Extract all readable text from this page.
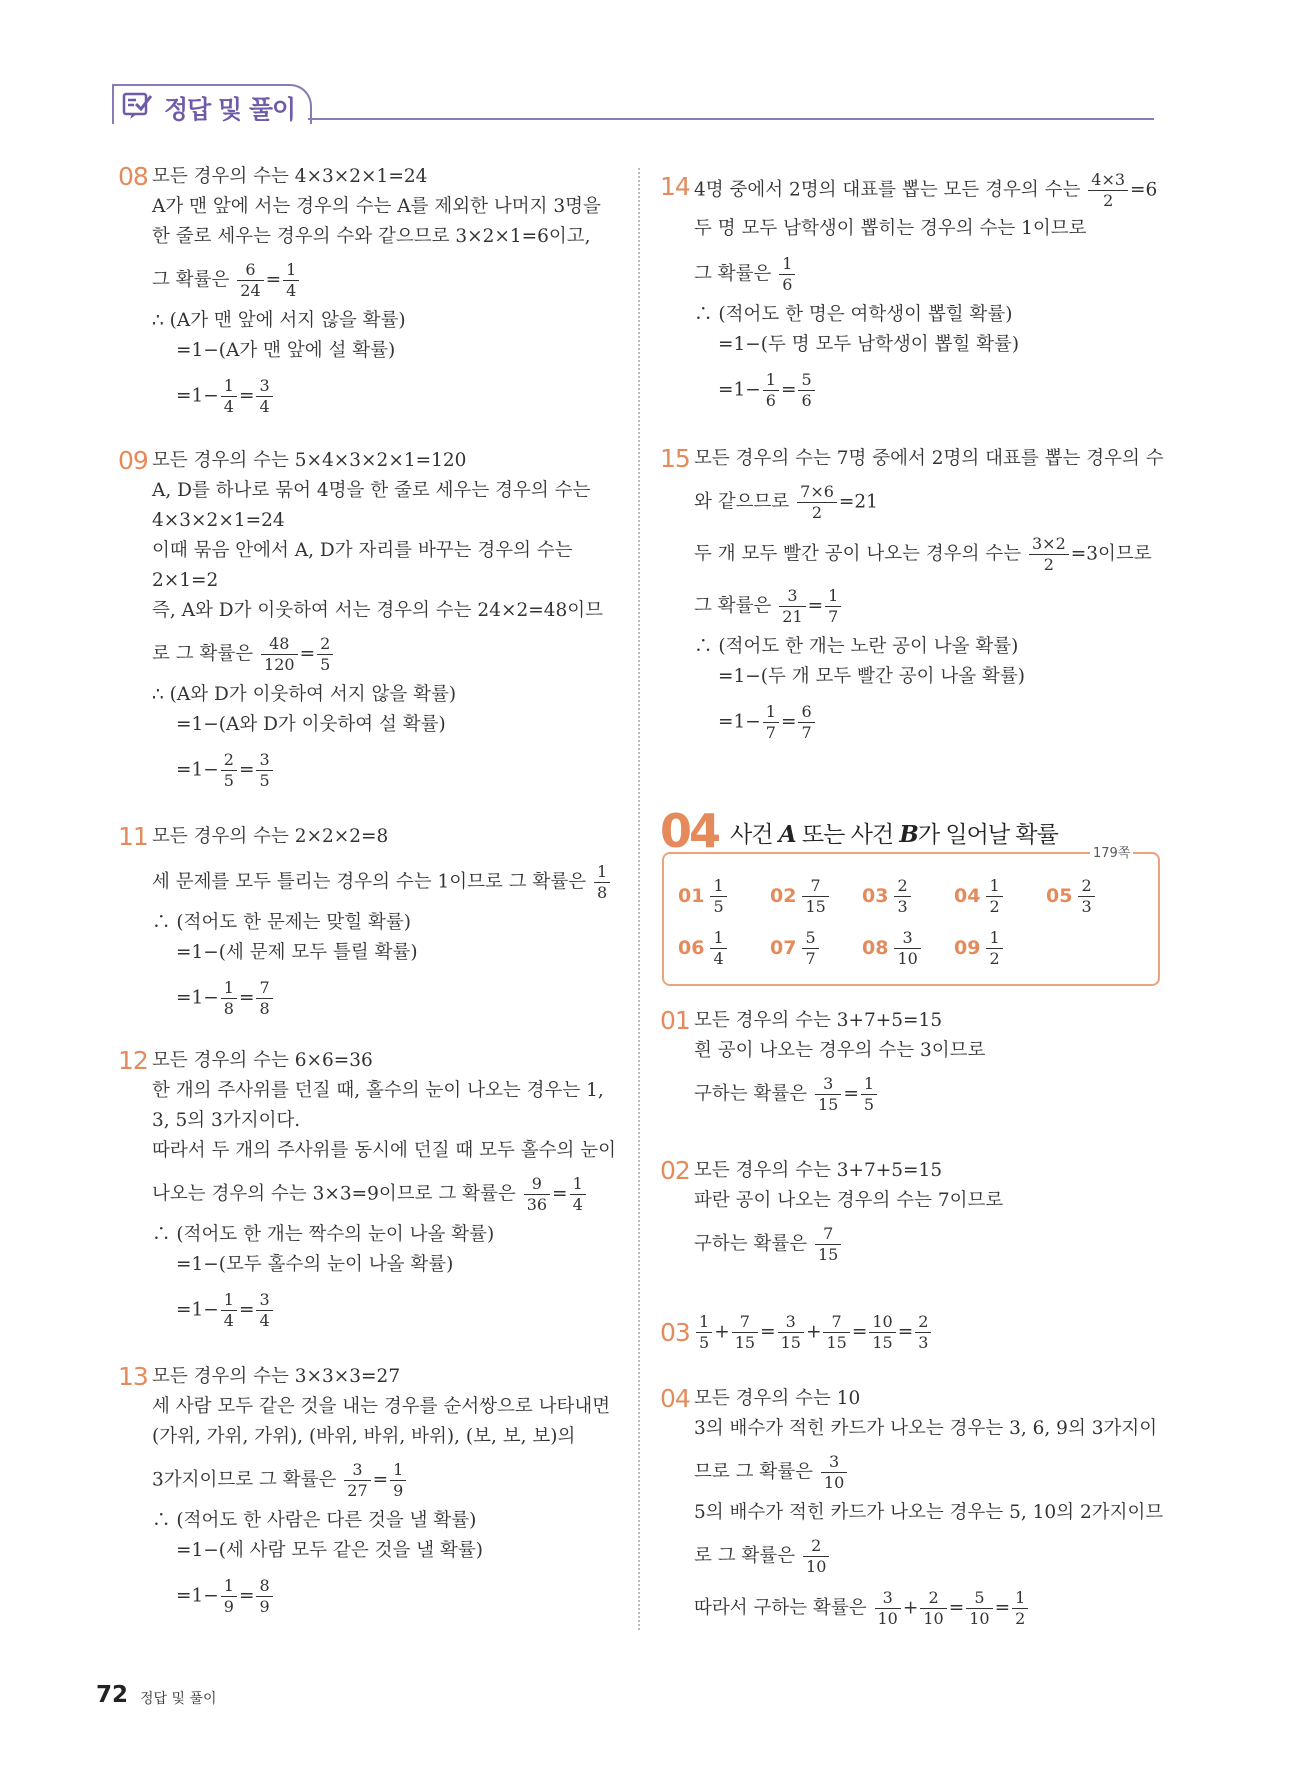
정답 및 풀이
08 모든 경우의 수는 4×3×2×1=24
A가 맨 앞에 서는 경우의 수는 A를 제외한 나머지 3명을
한 줄로 세우는 경우의 수와 같으므로 3×2×1=6이고,
그 확률은 $\frac{6}{24} = \frac{1}{4}$
∴ (A가 맨 앞에 서지 않을 확률)
=1−(A가 맨 앞에 설 확률)
$=1- \frac{1}{4} = \frac{3}{4}$
09 모든 경우의 수는 5×4×3×2×1=120
A, D를 하나로 묶어 4명을 한 줄로 세우는 경우의 수는
4×3×2×1=24
이때 묶음 안에서 A, D가 자리를 바꾸는 경우의 수는
2×1=2
즉, A와 D가 이웃하여 서는 경우의 수는 24×2=48이므
로 그 확률은 $\frac{48}{120} = \frac{2}{5}$
∴ (A와 D가 이웃하여 서지 않을 확률)
=1−(A와 D가 이웃하여 설 확률)
$=1- \frac{2}{5} = \frac{3}{5}$
11 모든 경우의 수는 2×2×2=8
세 문제를 모두 틀리는 경우의 수는 1이므로 그 확률은 $\frac{1}{8}$
∴ (적어도 한 문제는 맞힐 확률)
=1−(세 문제 모두 틀릴 확률)
$=1- \frac{1}{8} = \frac{7}{8}$
12 모든 경우의 수는 6×6=36
한 개의 주사위를 던질 때, 홀수의 눈이 나오는 경우는 1,
3, 5의 3가지이다.
따라서 두 개의 주사위를 동시에 던질 때 모두 홀수의 눈이
나오는 경우의 수는 3×3=9이므로 그 확률은 $\frac{9}{36} = \frac{1}{4}$
∴ (적어도 한 개는 짝수의 눈이 나올 확률)
=1−(모두 홀수의 눈이 나올 확률)
$=1- \frac{1}{4} = \frac{3}{4}$
13 모든 경우의 수는 3×3×3=27
세 사람 모두 같은 것을 내는 경우를 순서쌍으로 나타내면
(가위, 가위, 가위), (바위, 바위, 바위), (보, 보, 보)의
3가지이므로 그 확률은 $\frac{3}{27} = \frac{1}{9}$
∴ (적어도 한 사람은 다른 것을 낼 확률)
=1−(세 사람 모두 같은 것을 낼 확률)
$=1- \frac{1}{9} = \frac{8}{9}$
14 4명 중에서 2명의 대표를 뽑는 모든 경우의 수는 $\frac{4\times 3}{2} =6$
두 명 모두 남학생이 뽑히는 경우의 수는 1이므로
그 확률은 $\frac{1}{6}$
∴ (적어도 한 명은 여학생이 뽑힐 확률)
=1−(두 명 모두 남학생이 뽑힐 확률)
$=1- \frac{1}{6} = \frac{5}{6}$
15 모든 경우의 수는 7명 중에서 2명의 대표를 뽑는 경우의 수
와 같으므로 $\frac{7\times 6}{2} =21$
두 개 모두 빨간 공이 나오는 경우의 수는 $\frac{3\times 2}{2} =3$이므로
그 확률은 $\frac{3}{21} = \frac{1}{7}$
∴ (적어도 한 개는 노란 공이 나올 확률)
=1−(두 개 모두 빨간 공이 나올 확률)
$=1- \frac{1}{7} = \frac{6}{7}$
04 사건 A 또는 사건 B가 일어날 확률
179쪽
$01 \frac{1}{5} 02 \frac{7}{15} 03 \frac{2}{3} 04 \frac{1}{2} 05 \frac{2}{3}$
$06 \frac{1}{4} 07 \frac{5}{7} 08 \frac{3}{10} 09 \frac{1}{2}$
01 모든 경우의 수는 3+7+5=15
흰 공이 나오는 경우의 수는 3이므로
구하는 확률은 $\frac{3}{15} = \frac{1}{5}$
02 모든 경우의 수는 3+7+5=15
파란 공이 나오는 경우의 수는 7이므로
구하는 확률은 $\frac{7}{15}$
$03 \frac{1}{5} + \frac{7}{15} = \frac{3}{15} + \frac{7}{15} = \frac{10}{15} = \frac{2}{3}$
04 모든 경우의 수는 10
3의 배수가 적힌 카드가 나오는 경우는 3, 6, 9의 3가지이
므로 그 확률은 $\frac{3}{10}$
5의 배수가 적힌 카드가 나오는 경우는 5, 10의 2가지이므
로 그 확률은 $\frac{2}{10}$
따라서 구하는 확률은 $\frac{3}{10} + \frac{2}{10} = \frac{5}{10} = \frac{1}{2}$
72 정답 및 풀이
